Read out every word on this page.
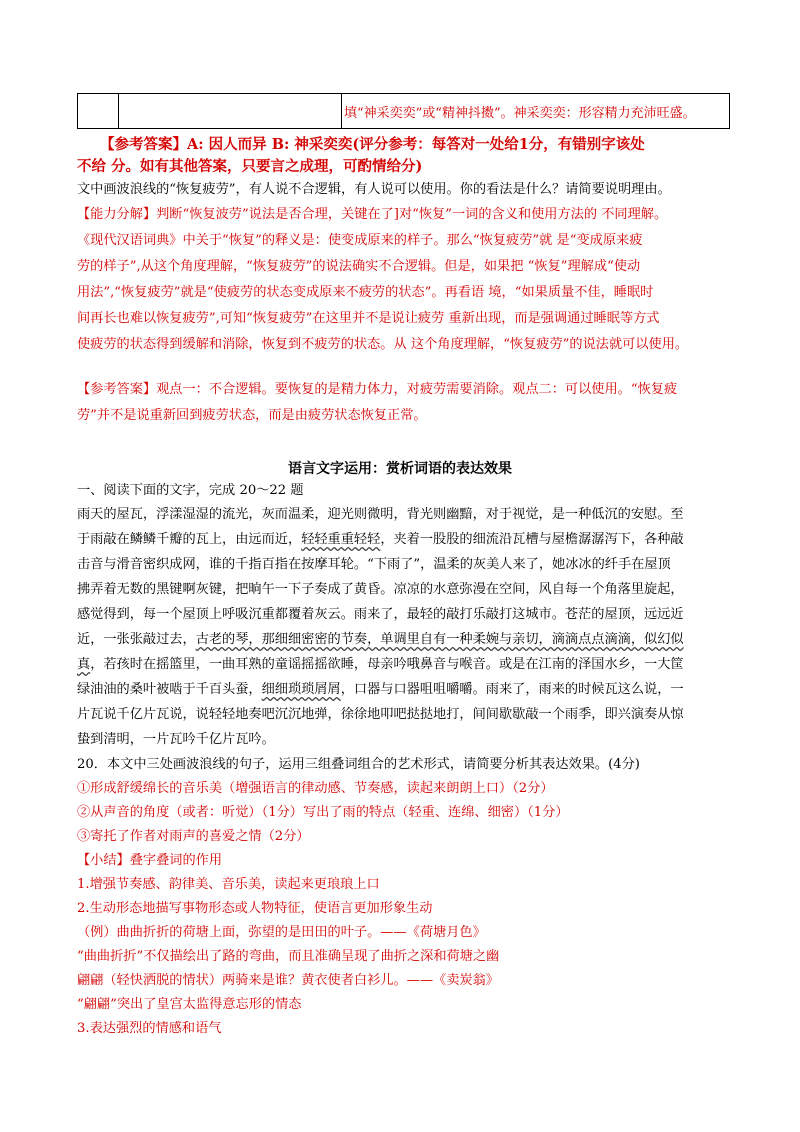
		填“神采奕奕”或“精神抖擞”。神采奕奕：形容精力充沛旺盛。
【参考答案】A: 因人而异 B: 神采奕奕(评分参考：每答对一处给1分，有错别字该处
不给 分。如有其他答案，只要言之成理，可酌情给分)
文中画波浪线的“恢复疲劳”，有人说不合逻辑，有人说可以使用。你的看法是什么？请简要说明理由。
【能力分解】判断“恢复波劳”说法是否合理，关键在了]对“恢复”一词的含义和使用方法的 不同理解。
《现代汉语词典》中关于“恢复”的释义是：使变成原来的样子。那么“恢复疲劳”就 是“变成原来疲
劳的样子”,从这个角度理解，“恢复疲劳”的说法确实不合逻辑。但是，如果把 “恢复”理解成“使动
用法”,“恢复疲劳”就是“使疲劳的状态变成原来不疲劳的状态”。再看语 境，“如果质量不佳，睡眠时
间再长也难以恢复疲劳”,可知“恢复疲劳”在这里并不是说让疲劳 重新出现，而是强调通过睡眠等方式
使疲劳的状态得到缓解和消除，恢复到不疲劳的状态。从 这个角度理解，“恢复疲劳”的说法就可以使用。
【参考答案】观点一：不合逻辑。要恢复的是精力体力，对疲劳需要消除。观点二：可以使用。“恢复疲
劳”并不是说重新回到疲劳状态，而是由疲劳状态恢复正常。
语言文字运用：赏析词语的表达效果
一、阅读下面的文字，完成 20～22 题
雨天的屋瓦，浮漾湿湿的流光，灰而温柔，迎光则微明，背光则幽黯，对于视觉，是一种低沉的安慰。至
于雨敲在鳞鳞千瓣的瓦上，由远而近，轻轻重重轻轻，夹着一股股的细流沿瓦槽与屋檐潺潺泻下，各种敲
击音与滑音密织成网，谁的千指百指在按摩耳轮。“下雨了”，温柔的灰美人来了，她冰冰的纤手在屋顶
拂弄着无数的黑键啊灰键，把晌午一下子奏成了黄昏。凉凉的水意弥漫在空间，风自每一个角落里旋起，
感觉得到，每一个屋顶上呼吸沉重都覆着灰云。雨来了，最轻的敲打乐敲打这城市。苍茫的屋顶，远远近
近，一张张敲过去，古老的琴，那细细密密的节奏，单调里自有一种柔婉与亲切，滴滴点点滴滴，似幻似
真，若孩时在摇篮里，一曲耳熟的童谣摇摇欲睡，母亲吟哦鼻音与喉音。或是在江南的泽国水乡，一大筐
绿油油的桑叶被啮于千百头蚕，细细琐琐屑屑，口器与口器咀咀嚼嚼。雨来了，雨来的时候瓦这么说，一
片瓦说千亿片瓦说，说轻轻地奏吧沉沉地弹，徐徐地叩吧挞挞地打，间间歇歇敲一个雨季，即兴演奏从惊
蛰到清明，一片瓦吟千亿片瓦吟。
20．本文中三处画波浪线的句子，运用三组叠词组合的艺术形式，请简要分析其表达效果。(4分)
①形成舒缓绵长的音乐美（增强语言的律动感、节奏感，读起来朗朗上口）（2分）
②从声音的角度（或者：听觉）（1分）写出了雨的特点（轻重、连绵、细密）（1分）
③寄托了作者对雨声的喜爱之情（2分）
【小结】叠字叠词的作用
1.增强节奏感、韵律美、音乐美，读起来更琅琅上口
2.生动形态地描写事物形态或人物特征，使语言更加形象生动
（例）曲曲折折的荷塘上面，弥望的是田田的叶子。——《荷塘月色》
“曲曲折折”不仅描绘出了路的弯曲，而且准确呈现了曲折之深和荷塘之幽
翩翩（轻快洒脱的情状）两骑来是谁？黄衣使者白衫儿。——《卖炭翁》
“翩翩”突出了皇宫太监得意忘形的情态
3.表达强烈的情感和语气
